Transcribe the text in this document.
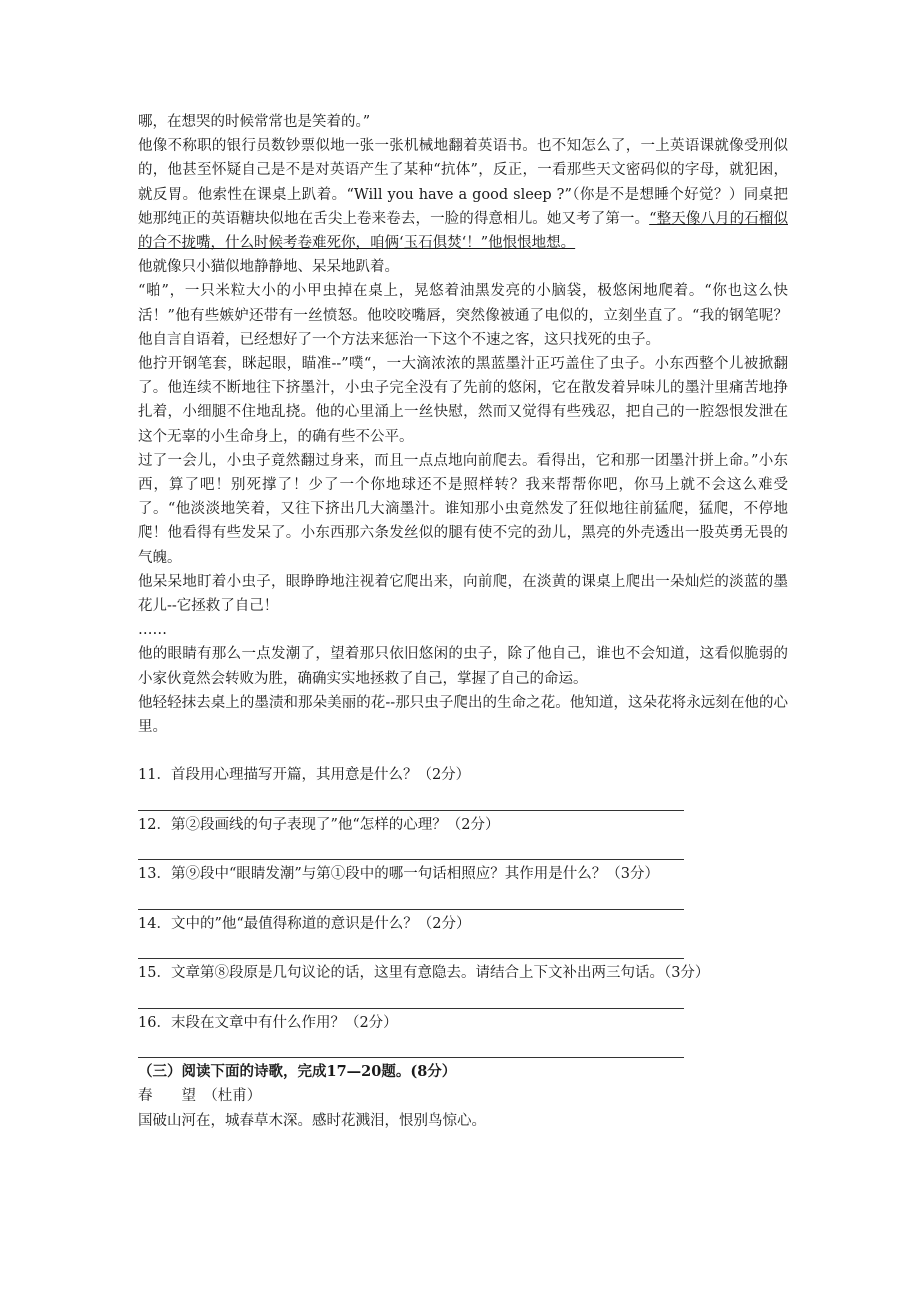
哪，在想哭的时候常常也是笑着的。”

他像不称职的银行员数钞票似地一张一张机械地翻着英语书。也不知怎么了，一上英语课就像受刑似的，他甚至怀疑自己是不是对英语产生了某种“抗体”，反正，一看那些天文密码似的字母，就犯困，就反胃。他索性在课桌上趴着。“Will you have a good sleep ?”（你是不是想睡个好觉？）同桌把她那纯正的英语糖块似地在舌尖上卷来卷去，一脸的得意相儿。她又考了第一。“整天像八月的石榴似的合不拢嘴，什么时候考卷难死你，咱俩‘玉石俱焚‘！”他恨恨地想。

他就像只小猫似地静静地、呆呆地趴着。

“啪”，一只米粒大小的小甲虫掉在桌上，晃悠着油黑发亮的小脑袋，极悠闲地爬着。“你也这么快活！”他有些嫉妒还带有一丝愤怒。他咬咬嘴唇，突然像被通了电似的，立刻坐直了。“我的钢笔呢？他自言自语着，已经想好了一个方法来惩治一下这个不速之客，这只找死的虫子。

他拧开钢笔套，眯起眼，瞄准--”噗“，一大滴浓浓的黑蓝墨汁正巧盖住了虫子。小东西整个儿被掀翻了。他连续不断地往下挤墨汁，小虫子完全没有了先前的悠闲，它在散发着异味儿的墨汁里痛苦地挣扎着，小细腿不住地乱挠。他的心里涌上一丝快慰，然而又觉得有些残忍，把自己的一腔怨恨发泄在这个无辜的小生命身上，的确有些不公平。

过了一会儿，小虫子竟然翻过身来，而且一点点地向前爬去。看得出，它和那一团墨汁拼上命。”小东西，算了吧！别死撑了！少了一个你地球还不是照样转？我来帮帮你吧，你马上就不会这么难受了。“他淡淡地笑着，又往下挤出几大滴墨汁。谁知那小虫竟然发了狂似地往前猛爬，猛爬，不停地爬！他看得有些发呆了。小东西那六条发丝似的腿有使不完的劲儿，黑亮的外壳透出一股英勇无畏的气魄。

他呆呆地盯着小虫子，眼睁睁地注视着它爬出来，向前爬，在淡黄的课桌上爬出一朵灿烂的淡蓝的墨花儿--它拯救了自己！

……

他的眼睛有那么一点发潮了，望着那只依旧悠闲的虫子，除了他自己，谁也不会知道，这看似脆弱的小家伙竟然会转败为胜，确确实实地拯救了自己，掌握了自己的命运。

他轻轻抹去桌上的墨渍和那朵美丽的花--那只虫子爬出的生命之花。他知道，这朵花将永远刻在他的心里。

11．首段用心理描写开篇，其用意是什么？（2分）

12．第②段画线的句子表现了”他“怎样的心理？（2分）

13．第⑨段中“眼睛发潮”与第①段中的哪一句话相照应？其作用是什么？（3分）

14．文中的”他“最值得称道的意识是什么？（2分）

15．文章第⑧段原是几句议论的话，这里有意隐去。请结合上下文补出两三句话。（3分）

16．末段在文章中有什么作用？（2分）

（三）阅读下面的诗歌，完成17—20题。(8分）

春　　望　（杜甫）

国破山河在，城春草木深。感时花溅泪，恨别鸟惊心。
